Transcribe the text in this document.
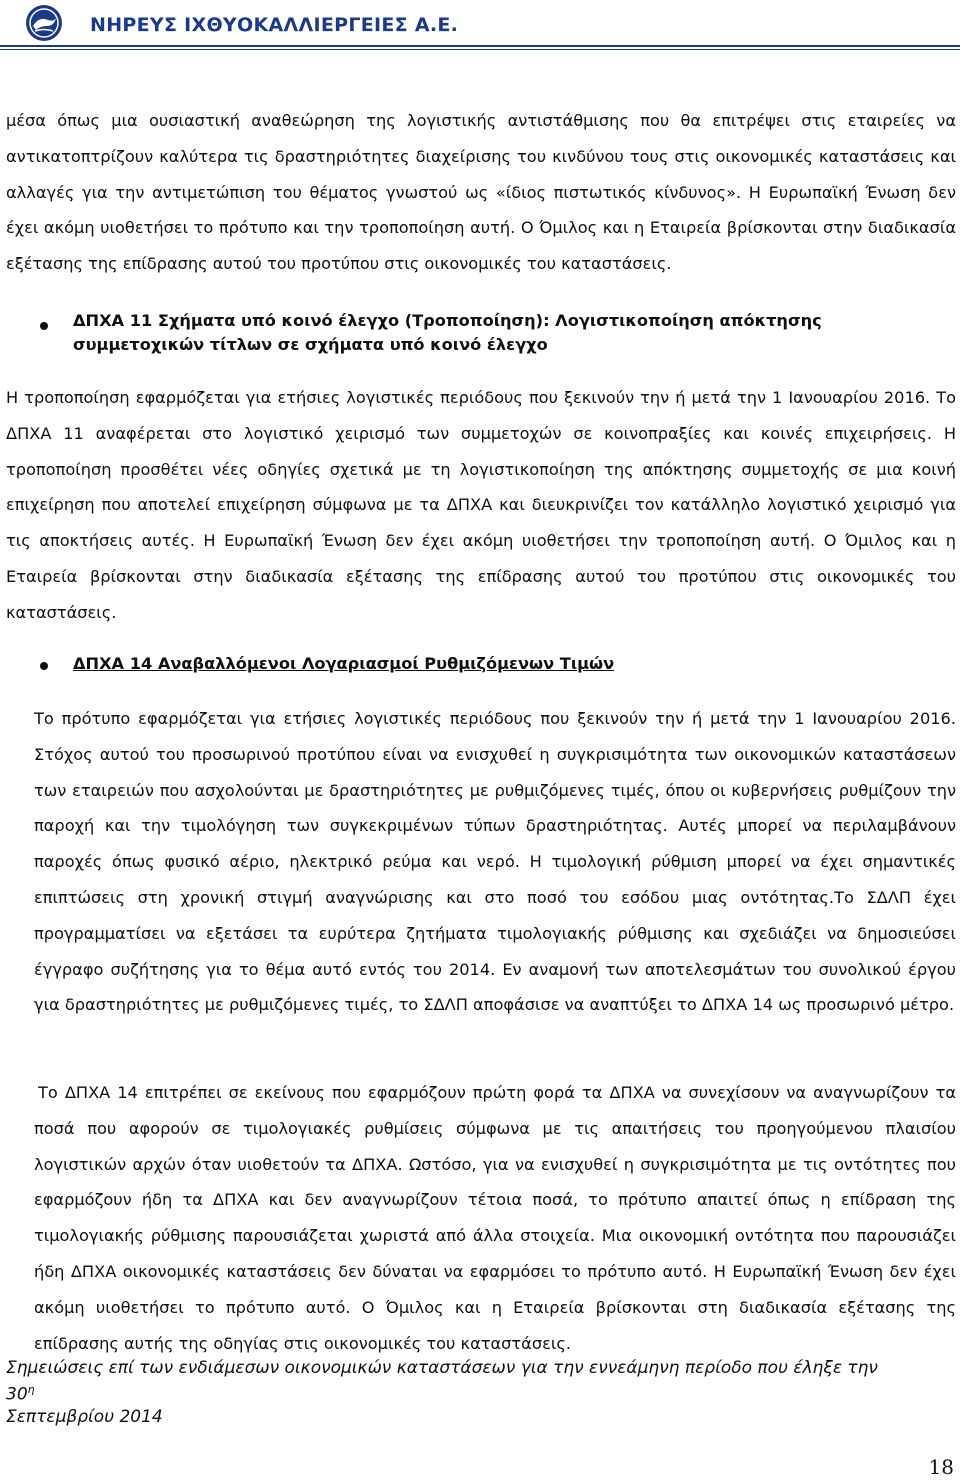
ΝΗΡΕΥΣ ΙΧΘΥΟΚΑΛΛΙΕΡΓΕΙΕΣ Α.Ε.

μέσα όπως μια ουσιαστική αναθεώρηση της λογιστικής αντιστάθμισης που θα επιτρέψει στις εταιρείες να αντικατοπτρίζουν καλύτερα τις δραστηριότητες διαχείρισης του κινδύνου τους στις οικονομικές καταστάσεις και αλλαγές για την αντιμετώπιση του θέματος γνωστού ως «ίδιος πιστωτικός κίνδυνος». Η Ευρωπαϊκή Ένωση δεν έχει ακόμη υιοθετήσει το πρότυπο και την τροποποίηση αυτή. Ο Όμιλος και η Εταιρεία βρίσκονται στην διαδικασία εξέτασης της επίδρασης αυτού του προτύπου στις οικονομικές του καταστάσεις.

ΔΠΧΑ 11 Σχήματα υπό κοινό έλεγχο (Τροποποίηση): Λογιστικοποίηση απόκτησης συμμετοχικών τίτλων σε σχήματα υπό κοινό έλεγχο

Η τροποποίηση εφαρμόζεται για ετήσιες λογιστικές περιόδους που ξεκινούν την ή μετά την 1 Ιανουαρίου 2016. Το ΔΠΧΑ 11 αναφέρεται στο λογιστικό χειρισμό των συμμετοχών σε κοινοπραξίες και κοινές επιχειρήσεις. Η τροποποίηση προσθέτει νέες οδηγίες σχετικά με τη λογιστικοποίηση της απόκτησης συμμετοχής σε μια κοινή επιχείρηση που αποτελεί επιχείρηση σύμφωνα με τα ΔΠΧΑ και διευκρινίζει τον κατάλληλο λογιστικό χειρισμό για τις αποκτήσεις αυτές. Η Ευρωπαϊκή Ένωση δεν έχει ακόμη υιοθετήσει την τροποποίηση αυτή. Ο Όμιλος και η Εταιρεία βρίσκονται στην διαδικασία εξέτασης της επίδρασης αυτού του προτύπου στις οικονομικές του καταστάσεις.

ΔΠΧΑ 14 Αναβαλλόμενοι Λογαριασμοί Ρυθμιζόμενων Τιμών

Το πρότυπο εφαρμόζεται για ετήσιες λογιστικές περιόδους που ξεκινούν την ή μετά την 1 Ιανουαρίου 2016. Στόχος αυτού του προσωρινού προτύπου είναι να ενισχυθεί η συγκρισιμότητα των οικονομικών καταστάσεων των εταιρειών που ασχολούνται με δραστηριότητες με ρυθμιζόμενες τιμές, όπου οι κυβερνήσεις ρυθμίζουν την παροχή και την τιμολόγηση των συγκεκριμένων τύπων δραστηριότητας. Αυτές μπορεί να περιλαμβάνουν παροχές όπως φυσικό αέριο, ηλεκτρικό ρεύμα και νερό. Η τιμολογική ρύθμιση μπορεί να έχει σημαντικές επιπτώσεις στη χρονική στιγμή αναγνώρισης και στο ποσό του εσόδου μιας οντότητας.Το ΣΔΛΠ έχει προγραμματίσει να εξετάσει τα ευρύτερα ζητήματα τιμολογιακής ρύθμισης και σχεδιάζει να δημοσιεύσει έγγραφο συζήτησης για το θέμα αυτό εντός του 2014. Εν αναμονή των αποτελεσμάτων του συνολικού έργου για δραστηριότητες με ρυθμιζόμενες τιμές, το ΣΔΛΠ αποφάσισε να αναπτύξει το ΔΠΧΑ 14 ως προσωρινό μέτρο.

Το ΔΠΧΑ 14 επιτρέπει σε εκείνους που εφαρμόζουν πρώτη φορά τα ΔΠΧΑ να συνεχίσουν να αναγνωρίζουν τα ποσά που αφορούν σε τιμολογιακές ρυθμίσεις σύμφωνα με τις απαιτήσεις του προηγούμενου πλαισίου λογιστικών αρχών όταν υιοθετούν τα ΔΠΧΑ. Ωστόσο, για να ενισχυθεί η συγκρισιμότητα με τις οντότητες που εφαρμόζουν ήδη τα ΔΠΧΑ και δεν αναγνωρίζουν τέτοια ποσά, το πρότυπο απαιτεί όπως η επίδραση της τιμολογιακής ρύθμισης παρουσιάζεται χωριστά από άλλα στοιχεία. Μια οικονομική οντότητα που παρουσιάζει ήδη ΔΠΧΑ οικονομικές καταστάσεις δεν δύναται να εφαρμόσει το πρότυπο αυτό. Η Ευρωπαϊκή Ένωση δεν έχει ακόμη υιοθετήσει το πρότυπο αυτό. Ο Όμιλος και η Εταιρεία βρίσκονται στη διαδικασία εξέτασης της επίδρασης αυτής της οδηγίας στις οικονομικές του καταστάσεις.

Σημειώσεις επί των ενδιάμεσων οικονομικών καταστάσεων για την εννεάμηνη περίοδο που έληξε την $30^\eta$
Σεπτεμβρίου 2014

18
